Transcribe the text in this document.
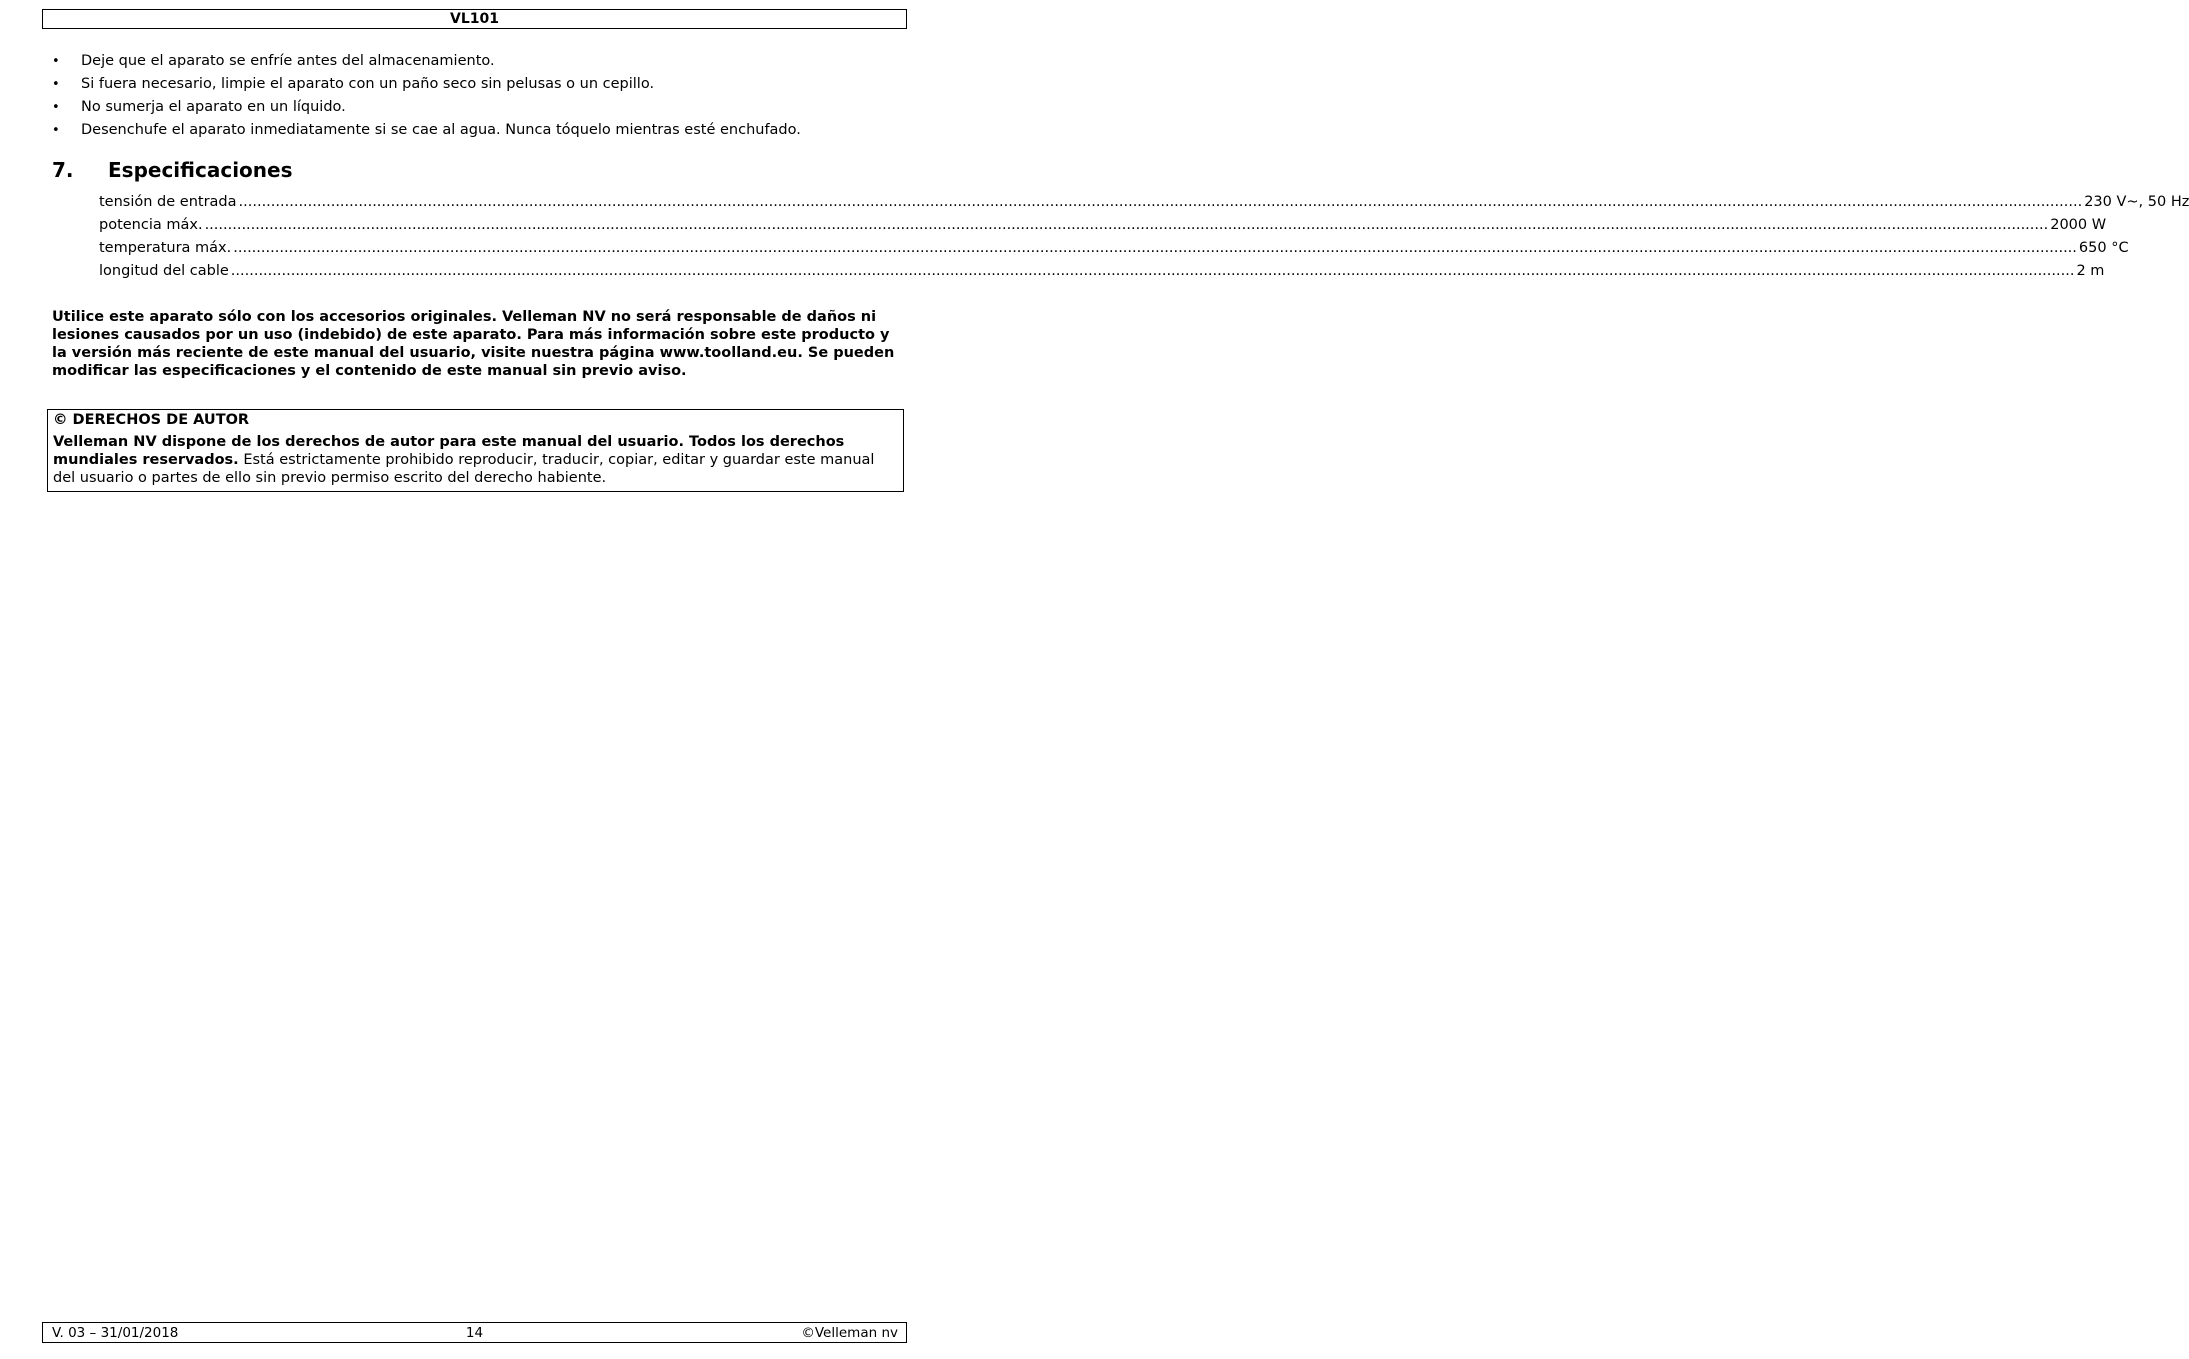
VL101
• Deje que el aparato se enfríe antes del almacenamiento.
• Si fuera necesario, limpie el aparato con un paño seco sin pelusas o un cepillo.
• No sumerja el aparato en un líquido.
• Desenchufe el aparato inmediatamente si se cae al agua. Nunca tóquelo mientras esté enchufado.
7. Especificaciones
tensión de entrada ................................................................................................................................................................................................................................................................................................................................................................................................................ 230 V~, 50 Hz
potencia máx. ................................................................................................................................................................................................................................................................................................................................................................................................................ 2000 W
temperatura máx. ................................................................................................................................................................................................................................................................................................................................................................................................................ 650 °C
longitud del cable ................................................................................................................................................................................................................................................................................................................................................................................................................ 2 m

Utilice este aparato sólo con los accesorios originales. Velleman NV no será responsable de daños ni lesiones causados por un uso (indebido) de este aparato. Para más información sobre este producto y la versión más reciente de este manual del usuario, visite nuestra página www.toolland.eu. Se pueden modificar las especificaciones y el contenido de este manual sin previo aviso.

© DERECHOS DE AUTOR
Velleman NV dispone de los derechos de autor para este manual del usuario. Todos los derechos mundiales reservados. Está estrictamente prohibido reproducir, traducir, copiar, editar y guardar este manual del usuario o partes de ello sin previo permiso escrito del derecho habiente.
V. 03 – 31/01/2018	14	©Velleman nv
